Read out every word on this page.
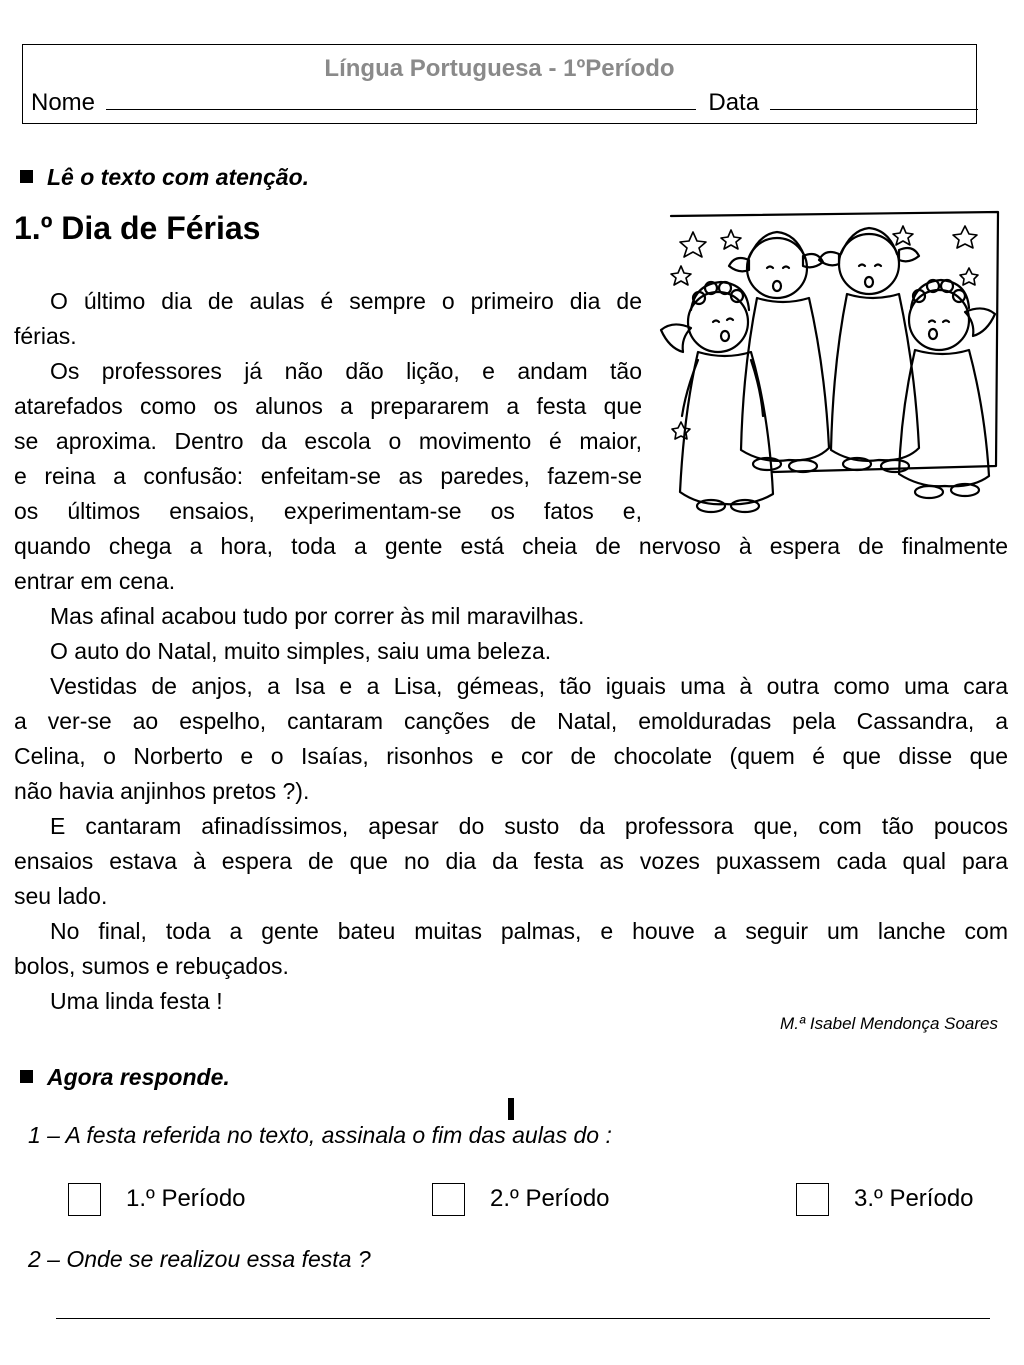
Língua Portuguesa - 1ºPeríodo
Nome	Data
Lê o texto com atenção.
1.º Dia de Férias
O último dia de aulas é sempre o primeiro dia de
férias.
Os professores já não dão lição, e andam tão
atarefados como os alunos a prepararem a festa que
se aproxima. Dentro da escola o movimento é maior,
e reina a confusão: enfeitam-se as paredes, fazem-se
os últimos ensaios, experimentam-se os fatos e,
quando chega a hora, toda a gente está cheia de nervoso à espera de finalmente
entrar em cena.
Mas afinal acabou tudo por correr às mil maravilhas.
O auto do Natal, muito simples, saiu uma beleza.
Vestidas de anjos, a Isa e a Lisa, gémeas, tão iguais uma à outra como uma cara
a ver-se ao espelho, cantaram canções de Natal, emolduradas pela Cassandra, a
Celina, o Norberto e o Isaías, risonhos e cor de chocolate (quem é que disse que
não havia anjinhos pretos ?).
E cantaram afinadíssimos, apesar do susto da professora que, com tão poucos
ensaios estava à espera de que no dia da festa as vozes puxassem cada qual para
seu lado.
No final, toda a gente bateu muitas palmas, e houve a seguir um lanche com
bolos, sumos e rebuçados.
Uma linda festa !
M.ª Isabel Mendonça Soares
Agora responde.
1 – A festa referida no texto, assinala o fim das aulas do :
1.º Período	2.º Período	3.º Período
2 – Onde se realizou essa festa ?
